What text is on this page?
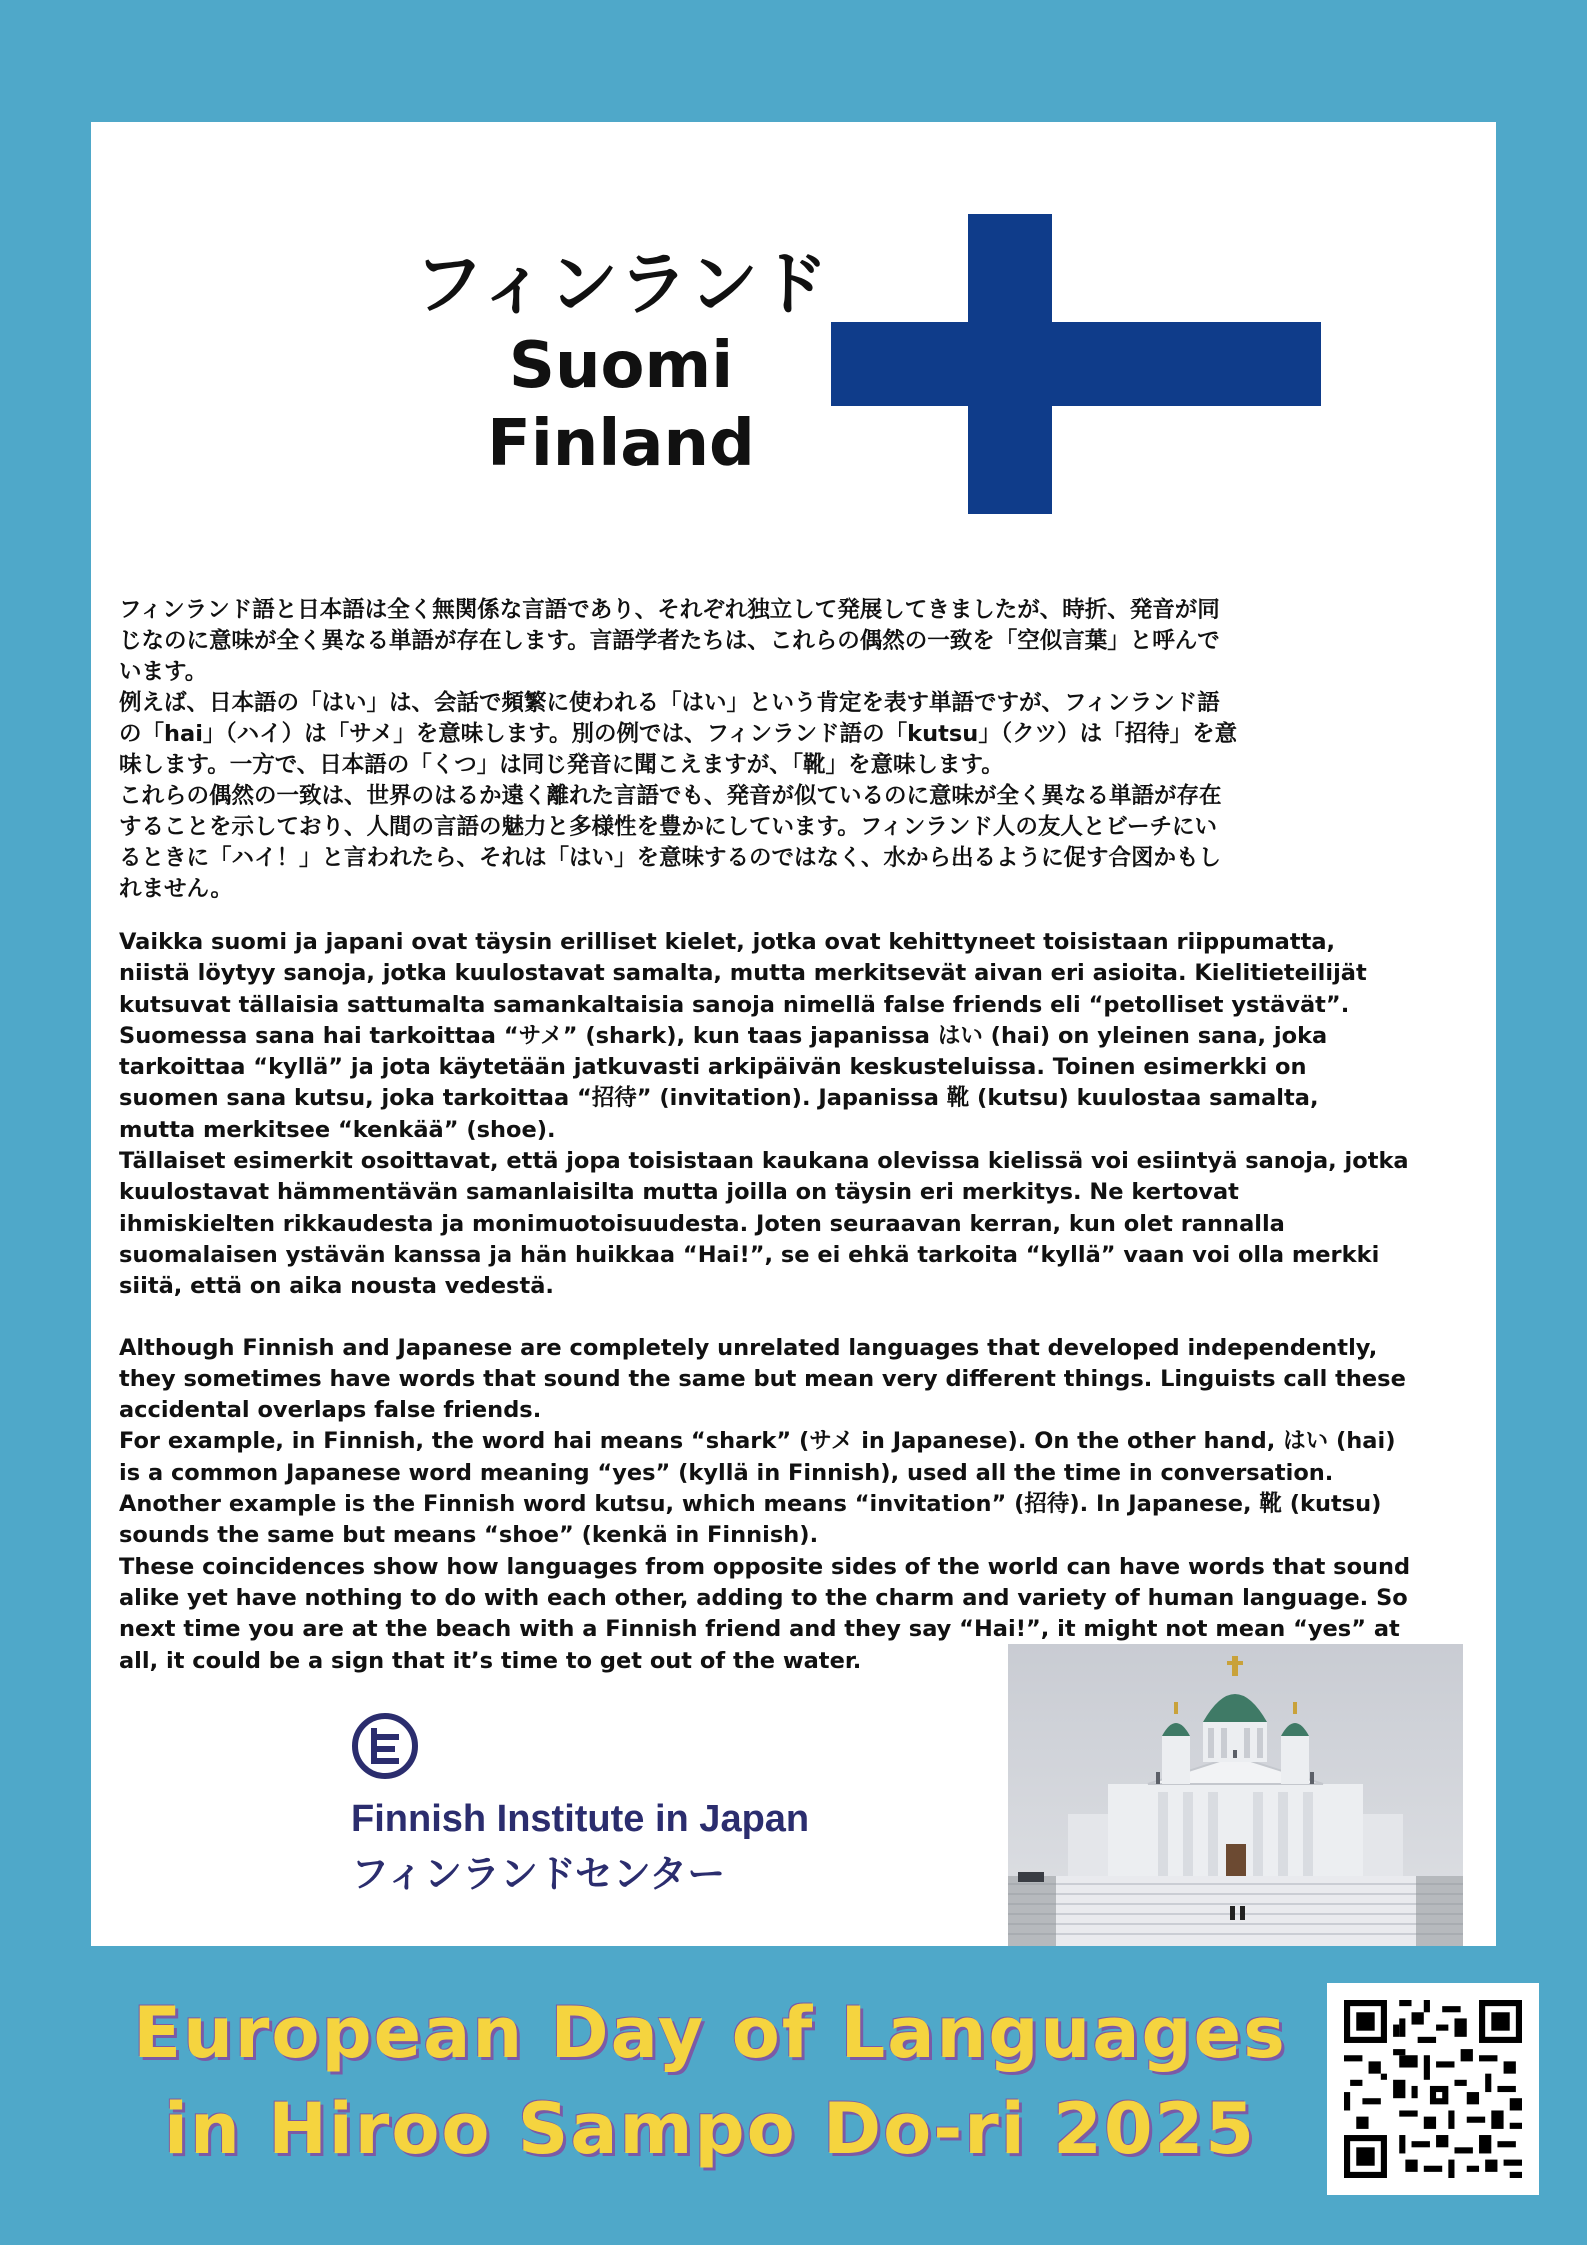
フィンランド
Suomi
Finland
フィンランド語と日本語は全く無関係な言語であり、それぞれ独立して発展してきましたが、時折、発音が同
じなのに意味が全く異なる単語が存在します。言語学者たちは、これらの偶然の一致を「空似言葉」と呼んで
います。
例えば、日本語の「はい」は、会話で頻繁に使われる「はい」という肯定を表す単語ですが、フィンランド語
の「hai」（ハイ）は「サメ」を意味します。別の例では、フィンランド語の「kutsu」（クツ）は「招待」を意
味します。一方で、日本語の「くつ」は同じ発音に聞こえますが、「靴」を意味します。
これらの偶然の一致は、世界のはるか遠く離れた言語でも、発音が似ているのに意味が全く異なる単語が存在
することを示しており、人間の言語の魅力と多様性を豊かにしています。フィンランド人の友人とビーチにい
るときに「ハイ！」と言われたら、それは「はい」を意味するのではなく、水から出るように促す合図かもし
れません。
Vaikka suomi ja japani ovat täysin erilliset kielet, jotka ovat kehittyneet toisistaan riippumatta,
niistä löytyy sanoja, jotka kuulostavat samalta, mutta merkitsevät aivan eri asioita. Kielitieteilijät
kutsuvat tällaisia sattumalta samankaltaisia sanoja nimellä false friends eli “petolliset ystävät”.
Suomessa sana hai tarkoittaa “サメ” (shark), kun taas japanissa はい (hai) on yleinen sana, joka
tarkoittaa “kyllä” ja jota käytetään jatkuvasti arkipäivän keskusteluissa. Toinen esimerkki on
suomen sana kutsu, joka tarkoittaa “招待” (invitation). Japanissa 靴 (kutsu) kuulostaa samalta,
mutta merkitsee “kenkää” (shoe).
Tällaiset esimerkit osoittavat, että jopa toisistaan kaukana olevissa kielissä voi esiintyä sanoja, jotka
kuulostavat hämmentävän samanlaisilta mutta joilla on täysin eri merkitys. Ne kertovat
ihmiskielten rikkaudesta ja monimuotoisuudesta. Joten seuraavan kerran, kun olet rannalla
suomalaisen ystävän kanssa ja hän huikkaa “Hai!”, se ei ehkä tarkoita “kyllä” vaan voi olla merkki
siitä, että on aika nousta vedestä.
Although Finnish and Japanese are completely unrelated languages that developed independently,
they sometimes have words that sound the same but mean very different things. Linguists call these
accidental overlaps false friends.
For example, in Finnish, the word hai means “shark” (サメ in Japanese). On the other hand, はい (hai)
is a common Japanese word meaning “yes” (kyllä in Finnish), used all the time in conversation.
Another example is the Finnish word kutsu, which means “invitation” (招待). In Japanese, 靴 (kutsu)
sounds the same but means “shoe” (kenkä in Finnish).
These coincidences show how languages from opposite sides of the world can have words that sound
alike yet have nothing to do with each other, adding to the charm and variety of human language. So
next time you are at the beach with a Finnish friend and they say “Hai!”, it might not mean “yes” at
all, it could be a sign that it’s time to get out of the water.
Finnish Institute in Japan
フィンランドセンター
European Day of Languages
in Hiroo Sampo Do-ri 2025
